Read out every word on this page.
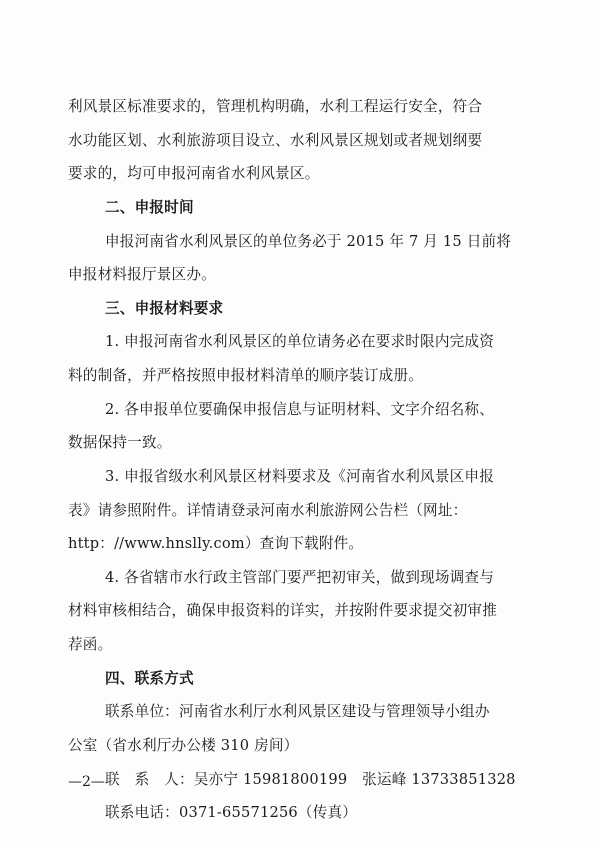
利风景区标准要求的，管理机构明确，水利工程运行安全，符合
水功能区划、水利旅游项目设立、水利风景区规划或者规划纲要
要求的，均可申报河南省水利风景区。
二、申报时间
申报河南省水利风景区的单位务必于 2015 年 7 月 15 日前将
申报材料报厅景区办。
三、申报材料要求
1. 申报河南省水利风景区的单位请务必在要求时限内完成资
料的制备，并严格按照申报材料清单的顺序装订成册。
2. 各申报单位要确保申报信息与证明材料、文字介绍名称、
数据保持一致。
3. 申报省级水利风景区材料要求及《河南省水利风景区申报
表》请参照附件。详情请登录河南水利旅游网公告栏（网址：
http：//www.hnslly.com）查询下载附件。
4. 各省辖市水行政主管部门要严把初审关，做到现场调查与
材料审核相结合，确保申报资料的详实，并按附件要求提交初审推
荐函。
四、联系方式
联系单位：河南省水利厅水利风景区建设与管理领导小组办
公室（省水利厅办公楼 310 房间）
联　系　人：吴亦宁 15981800199　张运峰 13733851328
联系电话：0371-65571256（传真）
—2—
